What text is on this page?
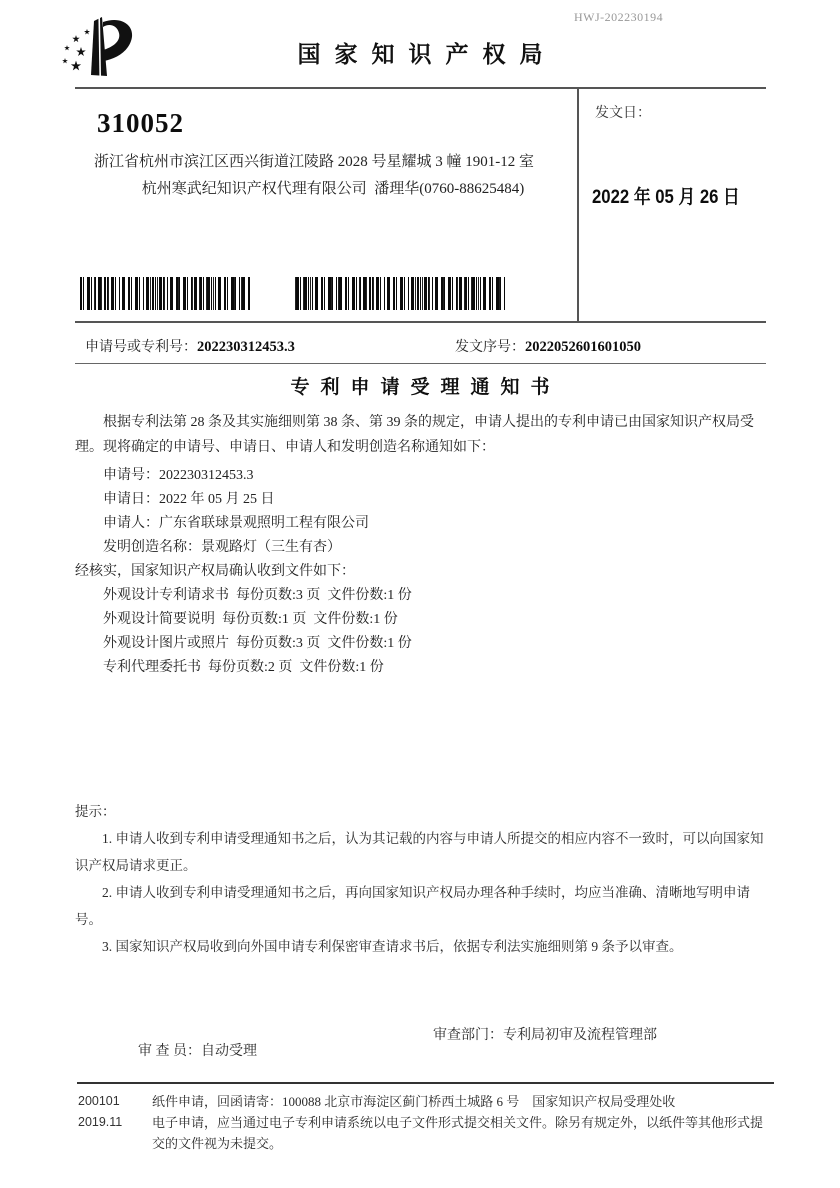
HWJ-202230194
国家知识产权局
310052
浙江省杭州市滨江区西兴街道江陵路 2028 号星耀城 3 幢 1901-12 室
杭州寒武纪知识产权代理有限公司  潘理华(0760-88625484)
发文日：
2022 年 05 月 26 日
申请号或专利号：202230312453.3	发文序号：2022052601601050
专利申请受理通知书

根据专利法第 28 条及其实施细则第 38 条、第 39 条的规定，申请人提出的专利申请已由国家知识产权局受理。现将确定的申请号、申请日、申请人和发明创造名称通知如下：

申请号：202230312453.3
申请日：2022 年 05 月 25 日
申请人：广东省联球景观照明工程有限公司
发明创造名称：景观路灯（三生有杏）

经核实，国家知识产权局确认收到文件如下：

外观设计专利请求书  每份页数:3 页  文件份数:1 份
外观设计简要说明  每份页数:1 页  文件份数:1 份
外观设计图片或照片  每份页数:3 页  文件份数:1 份
专利代理委托书  每份页数:2 页  文件份数:1 份
提示：

1. 申请人收到专利申请受理通知书之后，认为其记载的内容与申请人所提交的相应内容不一致时，可以向国家知识产权局请求更正。

2. 申请人收到专利申请受理通知书之后，再向国家知识产权局办理各种手续时，均应当准确、清晰地写明申请号。

3. 国家知识产权局收到向外国申请专利保密审查请求书后，依据专利法实施细则第 9 条予以审查。

审 查 员：自动受理

审查部门：专利局初审及流程管理部
200101	纸件申请，回函请寄：100088 北京市海淀区蓟门桥西土城路 6 号　国家知识产权局受理处收
2019.11	电子申请，应当通过电子专利申请系统以电子文件形式提交相关文件。除另有规定外，以纸件等其他形式提交的文件视为未提交。
